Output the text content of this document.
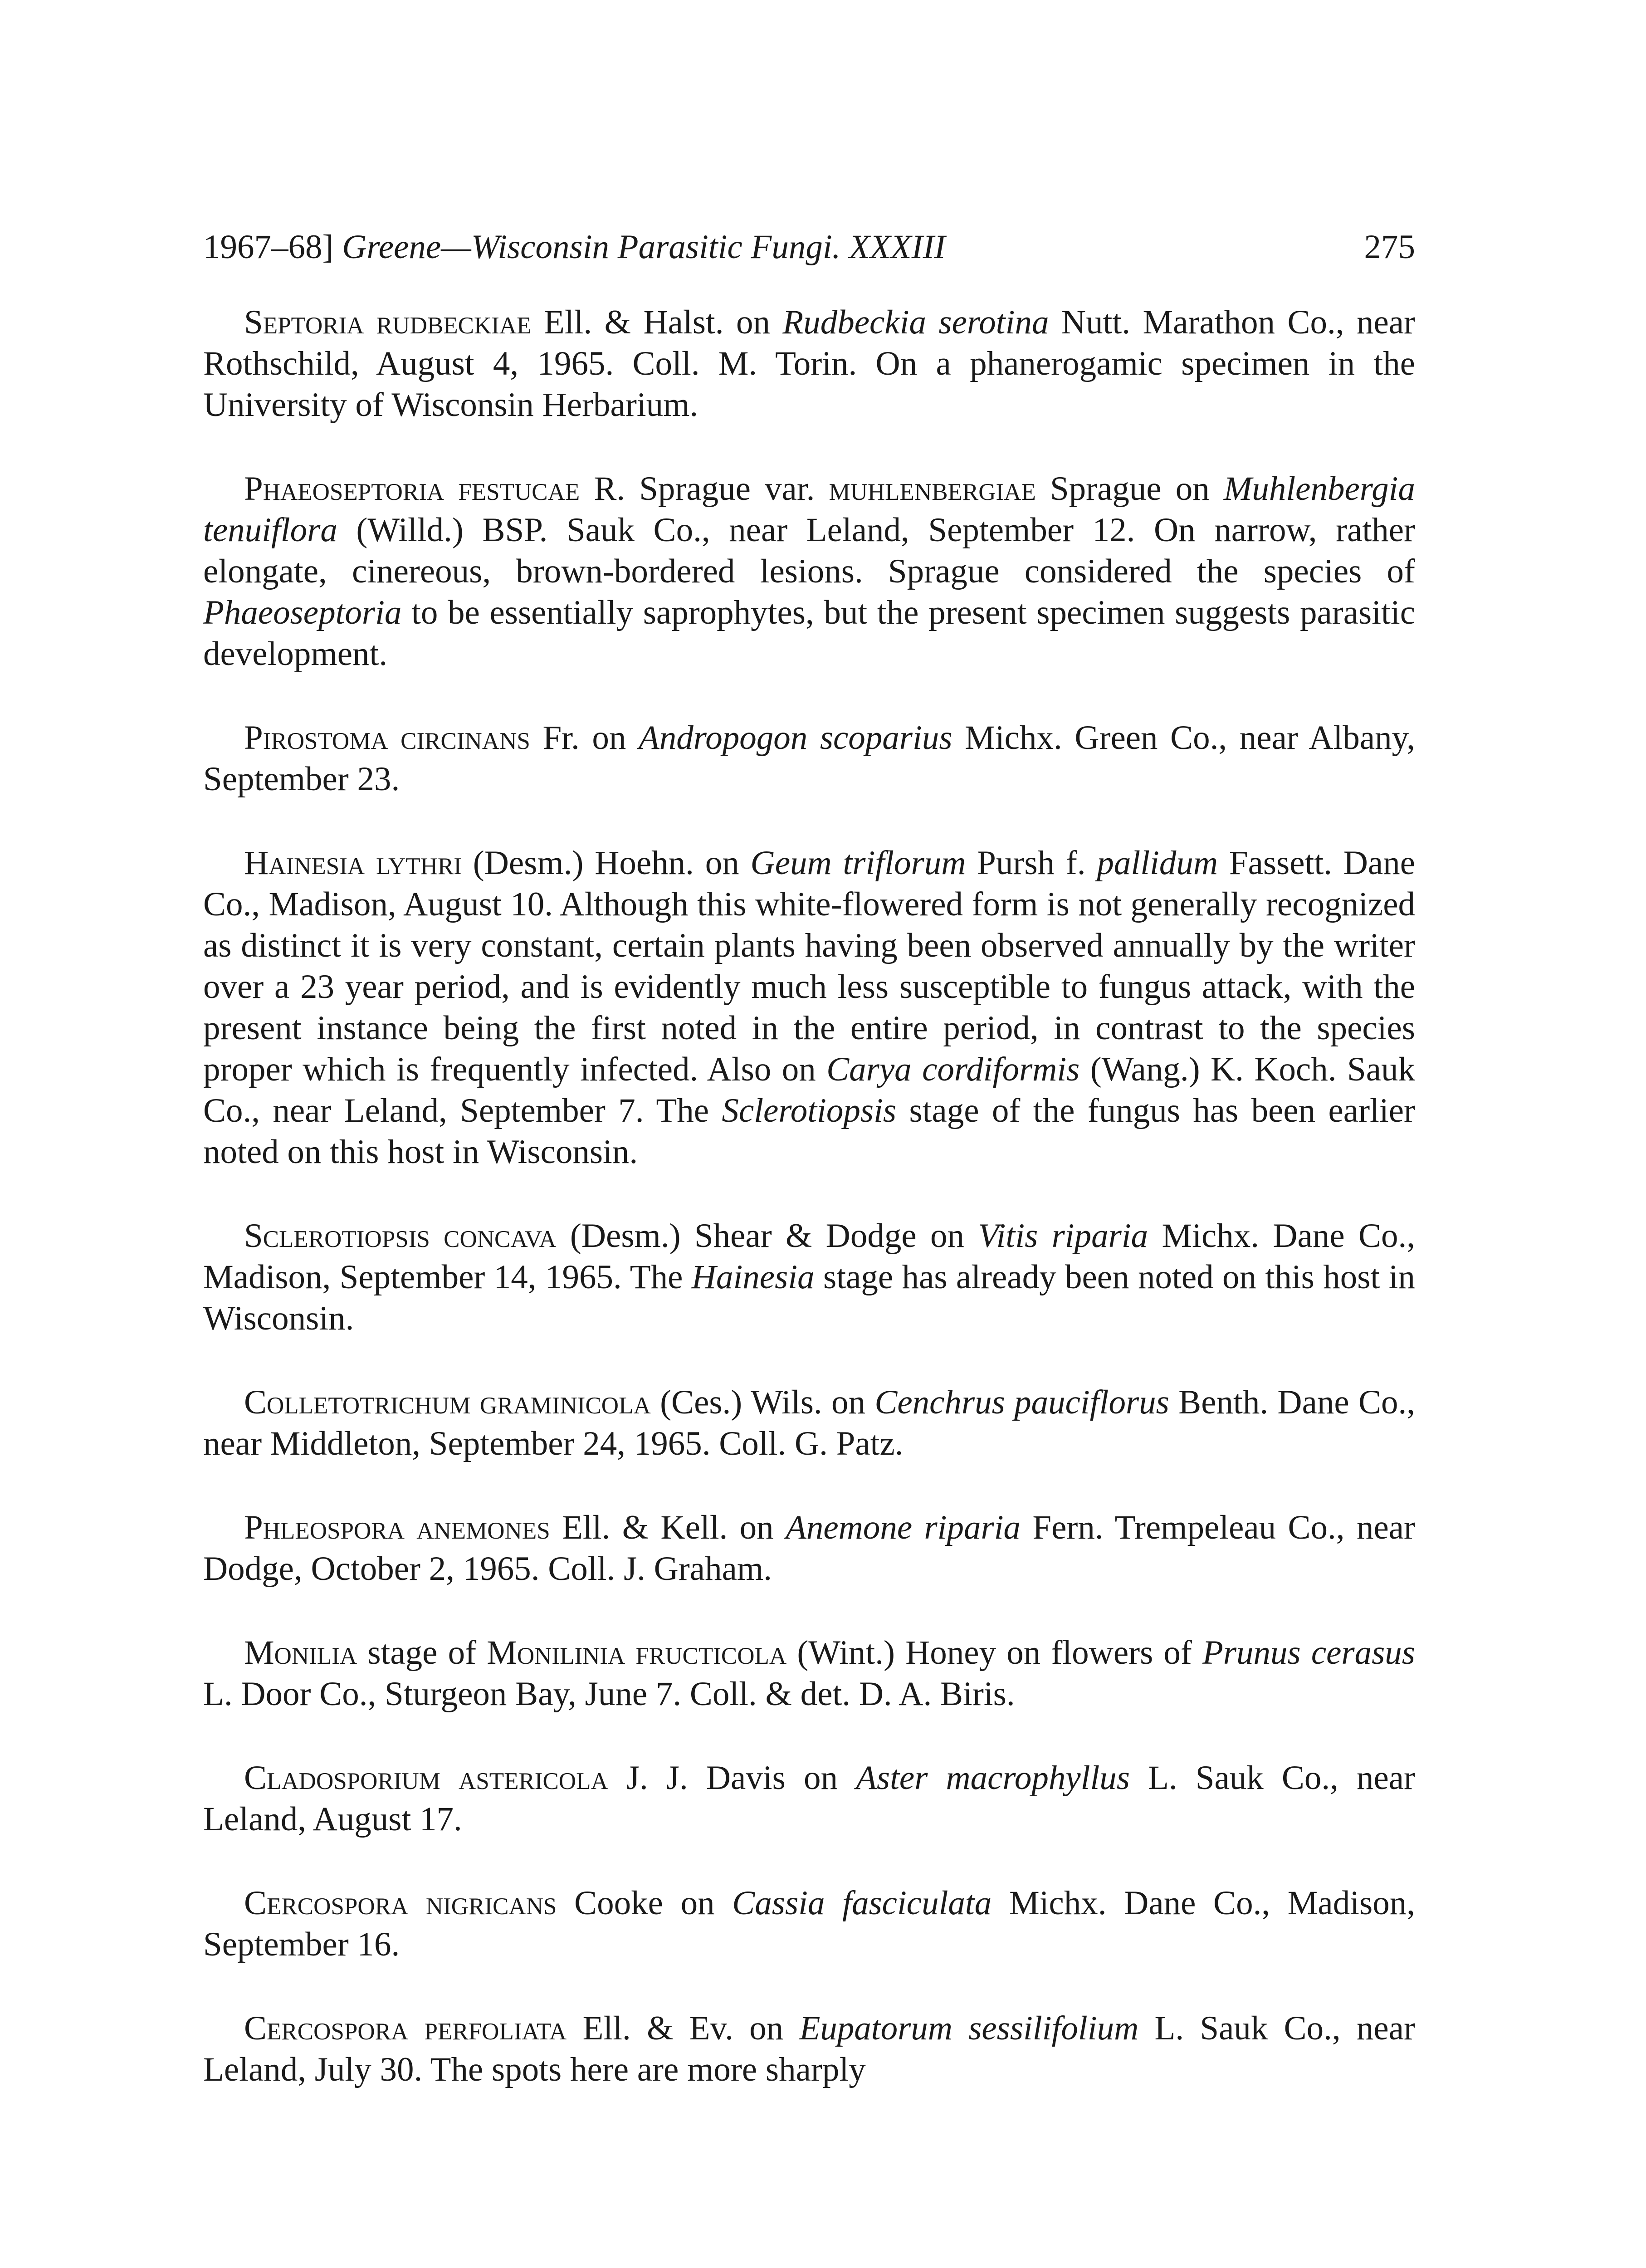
1967–68] Greene—Wisconsin Parasitic Fungi. XXXIII	275

Septoria rudbeckiae Ell. & Halst. on Rudbeckia serotina Nutt. Marathon Co., near Rothschild, August 4, 1965. Coll. M. Torin. On a phanerogamic specimen in the University of Wisconsin Herbarium.

Phaeoseptoria festucae R. Sprague var. muhlenbergiae Sprague on Muhlenbergia tenuiflora (Willd.) BSP. Sauk Co., near Leland, September 12. On narrow, rather elongate, cinereous, brown-bordered lesions. Sprague considered the species of Phaeoseptoria to be essentially saprophytes, but the present specimen suggests parasitic development.

Pirostoma circinans Fr. on Andropogon scoparius Michx. Green Co., near Albany, September 23.

Hainesia lythri (Desm.) Hoehn. on Geum triflorum Pursh f. pallidum Fassett. Dane Co., Madison, August 10. Although this white-flowered form is not generally recognized as distinct it is very constant, certain plants having been observed annually by the writer over a 23 year period, and is evidently much less susceptible to fungus attack, with the present instance being the first noted in the entire period, in contrast to the species proper which is frequently infected. Also on Carya cordiformis (Wang.) K. Koch. Sauk Co., near Leland, September 7. The Sclerotiopsis stage of the fungus has been earlier noted on this host in Wisconsin.

Sclerotiopsis concava (Desm.) Shear & Dodge on Vitis riparia Michx. Dane Co., Madison, September 14, 1965. The Hainesia stage has already been noted on this host in Wisconsin.

Colletotrichum graminicola (Ces.) Wils. on Cenchrus pauciflorus Benth. Dane Co., near Middleton, September 24, 1965. Coll. G. Patz.

Phleospora anemones Ell. & Kell. on Anemone riparia Fern. Trempeleau Co., near Dodge, October 2, 1965. Coll. J. Graham.

Monilia stage of Monilinia fructicola (Wint.) Honey on flowers of Prunus cerasus L. Door Co., Sturgeon Bay, June 7. Coll. & det. D. A. Biris.

Cladosporium astericola J. J. Davis on Aster macrophyllus L. Sauk Co., near Leland, August 17.

Cercospora nigricans Cooke on Cassia fasciculata Michx. Dane Co., Madison, September 16.

Cercospora perfoliata Ell. & Ev. on Eupatorum sessilifolium L. Sauk Co., near Leland, July 30. The spots here are more sharply
